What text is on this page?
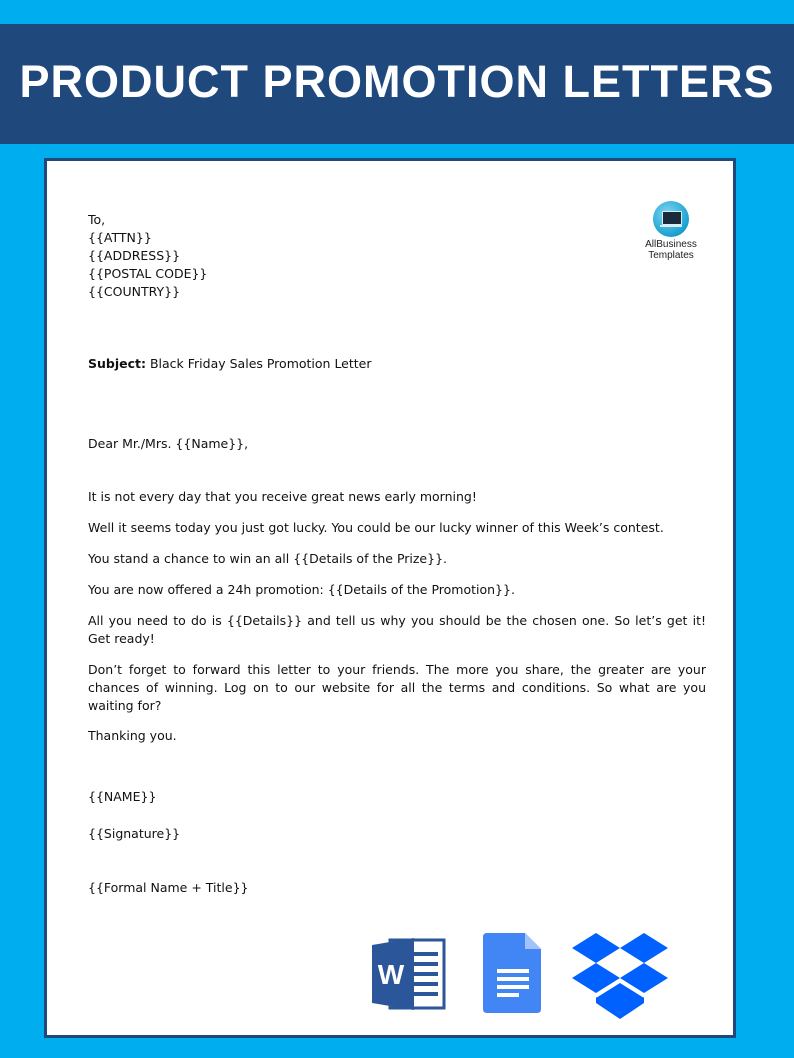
PRODUCT PROMOTION LETTERS
AllBusiness
Templates

To,

{{ATTN}}

{{ADDRESS}}

{{POSTAL CODE}}

{{COUNTRY}}

Subject: Black Friday Sales Promotion Letter

Dear Mr./Mrs. {{Name}},

It is not every day that you receive great news early morning!

Well it seems today you just got lucky. You could be our lucky winner of this Week’s contest.

You stand a chance to win an all {{Details of the Prize}}.

You are now offered a 24h promotion: {{Details of the Promotion}}.

All you need to do is {{Details}} and tell us why you should be the chosen one. So let’s get it! Get ready!

Don’t forget to forward this letter to your friends. The more you share, the greater are your chances of winning. Log on to our website for all the terms and conditions. So what are you waiting for?

Thanking you.

{{NAME}}

{{Signature}}

{{Formal Name + Title}}

W
